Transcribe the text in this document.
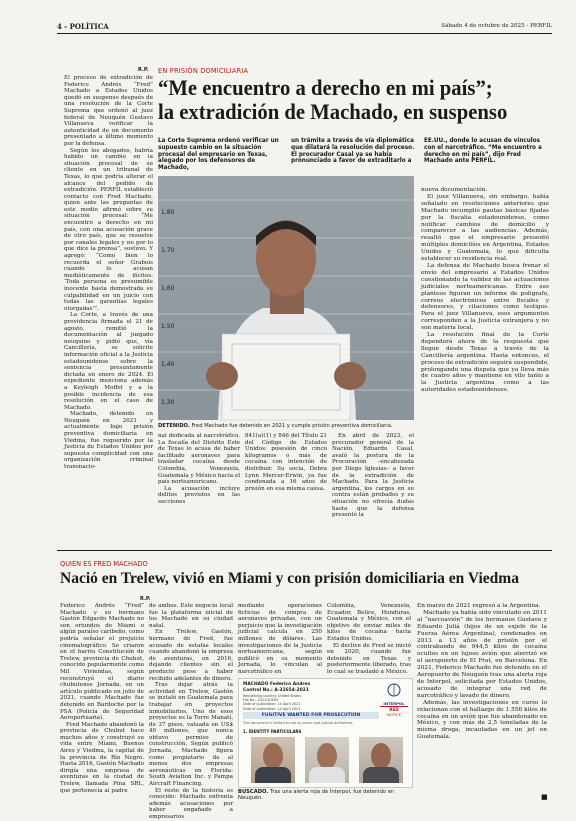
4 - POLÍTICA	Sábado 4 de octubre de 2025 - PERFIL
R.P.

El proceso de extradición de Federico Andrés “Fred” Machado a Estados Unidos quedó en suspenso después de una resolución de la Corte Suprema que ordenó al juez federal de Neuquén Gustavo Villanueva verificar la autenticidad de un documento presentado a último momento por la defensa.

Según los abogados, habría habido un cambio en la situación procesal de su cliente en un tribunal de Texas, lo que podría alterar el alcance del pedido de extradición. PERFIL estableció contacto con Fred Machado, quien ante las preguntas de este medio afirmó sobre su situación procesal: “Me encuentro a derecho en mi país, con una acusación grave de otro país, que se resuelve por canales legales y no por lo que dice la prensa”, sostuvo. Y agregó: “Como bien lo recuerda el señor Grabois cuando lo acusan mediáticamente de ilícitos: ‘Toda persona es presumible inocente hasta demostrada su culpabilidad en un juicio con todas las garantías legales otorgadas’”.

La Corte, a través de una providencia firmada el 21 de agosto, remitió la documentación al juzgado neuquino y pidió que, vía Cancillería, se solicite información oficial a la Justicia estadounidense sobre la sentencia presuntamente dictada en enero de 2024. El expediente menciona además a Keyleigh Moffet y a la posible incidencia de esa resolución en el caso de Machado.

Machado, detenido en Neuquén en 2021 y actualmente bajo prisión preventiva domiciliaria en Viedma, fue requerido por la Justicia de Estados Unidos por supuesta complicidad con una organización criminal transnacio-

EN PRISIÓN DOMICILIARIA
“Me encuentro a derecho en mi país”;
la extradición de Machado, en suspenso
La Corte Suprema ordenó verificar un supuesto cambio en la situación procesal del empresario en Texas, alegado por los defensores de Machado,
un trámite a través de vía diplomática que dilatará la resolución del proceso. El procurador Casal ya se había pronunciado a favor de extraditarlo a
EE.UU., donde lo acusan de vínculos con el narcotráfico. “Me encuentro a derecho en mi país”, dijo Fred Machado ante PERFIL.
1,80
1,70
1,60
1,50
1,40
1,30
DETENIDO. Fred Machado fue detenido en 2021 y cumple prisión preventiva domiciliaria.

nal dedicada al narcotráfico. La fiscalía del Distrito Este de Texas lo acusa de haber facilitado aeronaves para trasladar cocaína desde Colombia, Venezuela, Guatemala y México hacia el país norteamericano.

La acusación incluye delitos previstos en las secciones

841(a)(1) y 846 del Título 21 del Código de Estados Unidos: posesión de cinco kilogramos o más de cocaína con intención de distribuir. Su socia, Debra Lynn Mercer-Erwin, ya fue condenada a 16 años de prisión en esa misma causa.

En abril de 2023, el procurador general de la Nación, Eduardo Casal, avaló la postura de la Procuración –encabezada por Diego Iglesias– a favor de la extradición de Machado. Para la Justicia argentina, los cargos en su contra están probados y su situación no ofrecía dudas hasta que la defensa presentó la

nueva documentación.

El juez Villanueva, sin embargo, había señalado en resoluciones anteriores que Machado incumplió pautas básicas fijadas por la fiscalía estadounidense, como notificar cambios de domicilio y comparecer a las audiencias. Además, resaltó que el empresario presentó múltiples domicilios en Argentina, Estados Unidos y Guatemala, lo que dificulta establecer su residencia real.

La defensa de Machado busca frenar el envío del empresario a Estados Unidos cuestionando la validez de las actuaciones judiciales norteamericanas. Entre sus planteos figuran un informe de poligrafo, correos electrónicos entre fiscales y defensores, y citaciones como testigos. Para el juez Villanueva, esos argumentos corresponden a la Justicia extranjera y no son materia local.

La resolución final de la Corte dependerá ahora de la respuesta que llegue desde Texas a través de la Cancillería argentina. Hasta entonces, el proceso de extradición seguirá suspendido, prolongando una disputa que ya lleva más de cuatro años y mantiene en vilo tanto a la Justicia argentina como a las autoridades estadounidenses.

QUIÉN ES FRED MACHADO
Nació en Trelew, vivió en Miami y con prisión domiciliaria en Viedma
R.P.

Federico Andrés “Fred” Machado y su hermano Gastón Edgardo Machado no son oriundos de Miami o algún paraíso caribeño, como podría señalar el prejuicio cinematográfico. Se criaron en el barrio Constitución de Trelew, provincia de Chubut, conocido popularmente como Mil Viviendas, según reconstruyó el diario chubutense Jornada, en un artículo publicado en julio de 2021, cuando Machado fue detenido en Bariloche por la PSA (Policía de Seguridad Aeroportuaria).

Fred Machado abandonó la provincia de Chubut hace muchos años y construyó su vida entre Miami, Buenos Aires y Viedma, la capital de la provincia de Río Negro. Hasta 2016, Gastón Machado dirigía una empresa de aventuras en la ciudad de Trelew, llamada Pina SRL, que pertenecía al padre

de ambos. Este negocio local fue la plataforma inicial de los Machado en su ciudad natal.

En Trelew, Gastón, hermano de Fred, fue acusado de estafas locales cuando abandonó la empresa de aventuras, en 2016, dejando clientes sin el producto pese a haber recibido adelantos de dinero.

Tras dejar atrás la actividad en Trelew, Gastón se instaló en Guatemala para trabajar en proyectos inmobiliarios. Uno de esos proyectos es la Torre Manatí, de 37 pisos, valuada en US$ 40 millones, que nunca obtuvo permiso de construcción. Según publicó Jornada, Machado figura como propietario de al menos dos empresas aeronáuticas en Florida: South Aviation Inc. y Pampa Aircraft Financing.

El resto de la historia es conocido: Machado enfrenta además acusaciones por haber engañado a empresarios

mediante operaciones ficticias de compra de aeronaves privadas, con un perjuicio que la investigación judicial calcula en 250 millones de dólares. Las investigaciones de la Justicia norteamericana, según publicó en su momento Jornada, lo vinculan al narcotráfico en

Colombia, Venezuela, Ecuador, Belice, Honduras, Guatemala y México, con el objetivo de enviar miles de kilos de cocaína hacia Estados Unidos.

El declive de Fred se inició en 2020, cuando fue detenido en Texas y posteriormente liberado, tras lo cual se trasladó a México.

En marzo de 2021 regresó a la Argentina.

Machado ya había sido vinculado en 2011 al “narcoavión” de los hermanos Gustavo y Eduardo Juliá (hijos de un exjefe de la Fuerza Aérea Argentina), condenados en 2013 a 13 años de prisión por el contrabando de 944,5 kilos de cocaína ocultos en un lujoso avión que aterrizó en el aeropuerto de El Prat, en Barcelona. En 2021, Federico Machado fue detenido en el Aeropuerto de Neuquén tras una alerta roja de Interpol, solicitada por Estados Unidos, acusado de integrar una red de narcotráfico y lavado de dinero.

Además, las investigaciones en curso lo relacionan con el hallazgo de 1.556 kilos de cocaína en un avión que fue abandonado en México, y con más de 2,5 toneladas de la misma droga, incautadas en un jet en Guatemala.

■
MACHADO Federico Andres
Control No.: A-32654-2021
Requesting country: United States
File No.: 2021/10505
Date of publication: 14 April 2021
Date of publication: 14 April 2021
INTERPOL
RED
NOTICE
FUGITIVE WANTED FOR PROSECUTION
This document is limited to use by police and judicial authorities
1. IDENTITY PARTICULARS
BUSCADO. Tras una alerta roja de Interpol, fue detenido en Neuquén.
